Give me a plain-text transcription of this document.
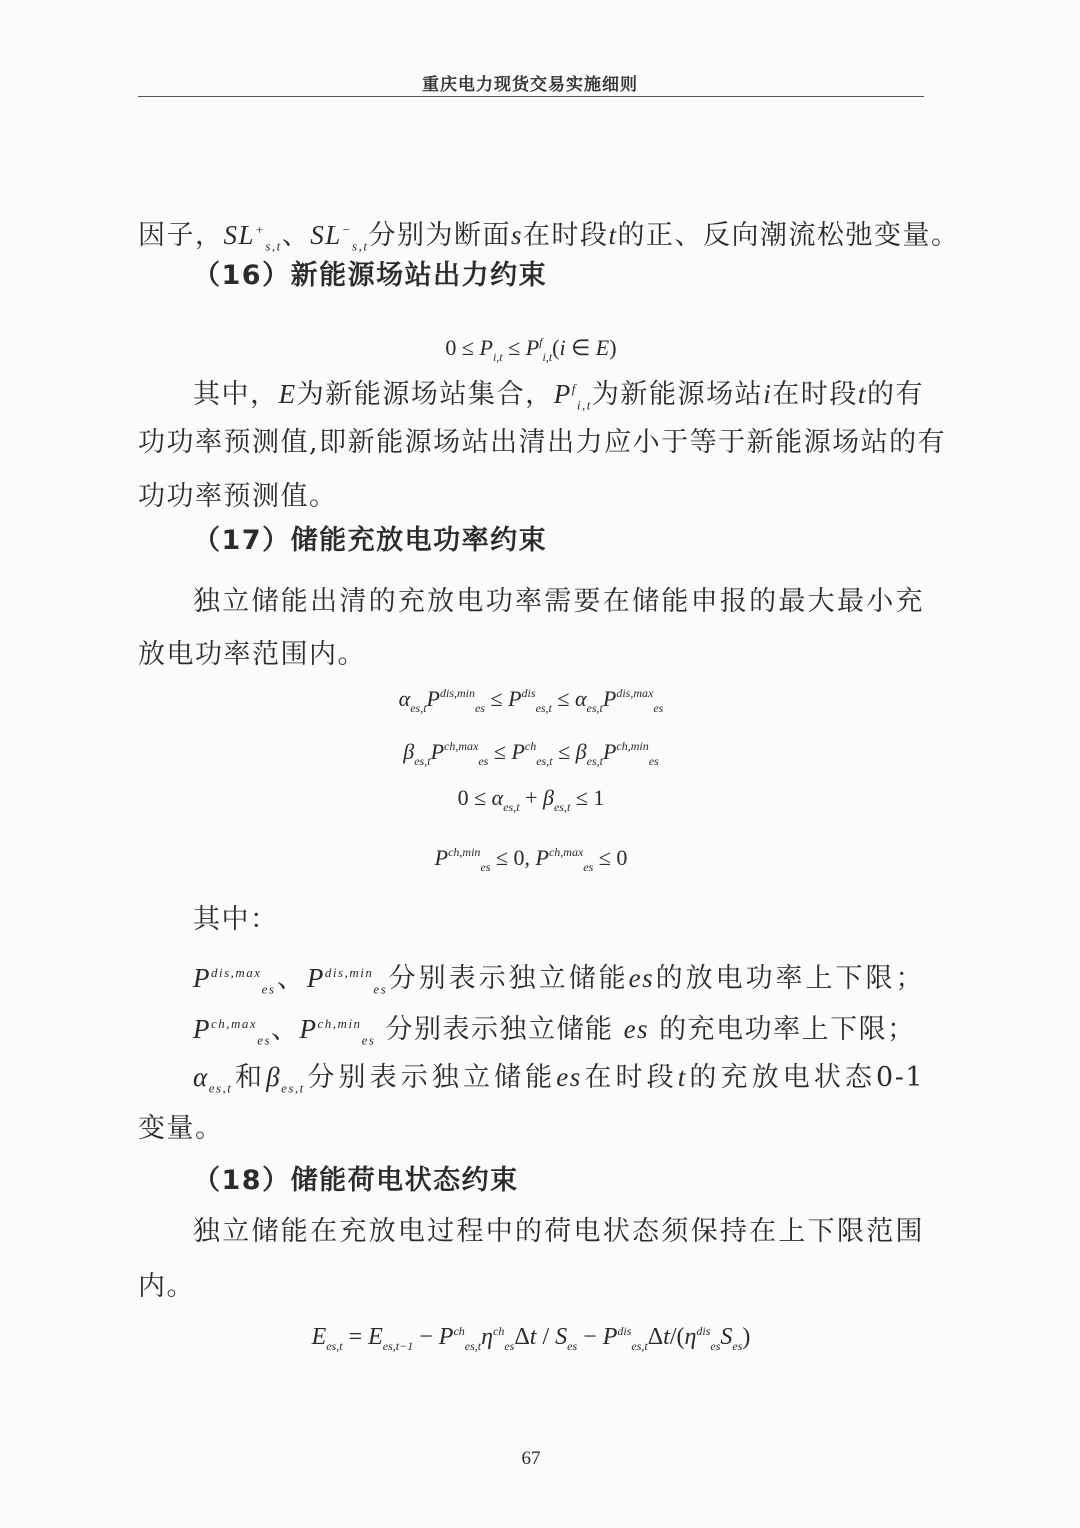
重庆电力现货交易实施细则
因子，$SL^+_{s,t}$、$SL^-_{s,t}$分别为断面s在时段t的正、反向潮流松弛变量。
（16）新能源场站出力约束
$0 \le P_{i,t} \le P^f_{i,t}(i$ ∈ E)
其中，E为新能源场站集合，$P^f_{i,t}$为新能源场站i在时段t的有
功功率预测值,即新能源场站出清出力应小于等于新能源场站的有
功功率预测值。
（17）储能充放电功率约束
独立储能出清的充放电功率需要在储能申报的最大最小充
放电功率范围内。
$\alpha_{es,t}P^{dis,min}_{es} \le P^{dis}_{es,t} \le \alpha_{es,t}P^{dis,max}_{es}$
$\beta_{es,t}P^{ch,max}_{es} \le P^{ch}_{es,t} \le \beta_{es,t}P^{ch,min}_{es}$
$0 \le \alpha_{es,t} + \beta_{es,t} \le 1$
$P^{ch,min}_{es} \le 0$, $P^{ch,max}_{es} \le 0$
其中：
$P^{dis,max}_{es}$、$P^{dis,min}_{es}$分别表示独立储能es的放电功率上下限；
$P^{ch,max}_{es}$、$P^{ch,min}_{es}$ 分别表示独立储能 es 的充电功率上下限；
$\alpha_{es,t}$和$\beta_{es,t}$分别表示独立储能es在时段t的充放电状态0-1
变量。
（18）储能荷电状态约束
独立储能在充放电过程中的荷电状态须保持在上下限范围
内。
$E_{es,t} = E_{es,t-1} - P^{ch}_{es,t}\eta^{ch}_{es}\Delta t / S_{es} - P^{dis}_{es,t}\Delta t/(\eta^{dis}_{es}S_{es})$
67
